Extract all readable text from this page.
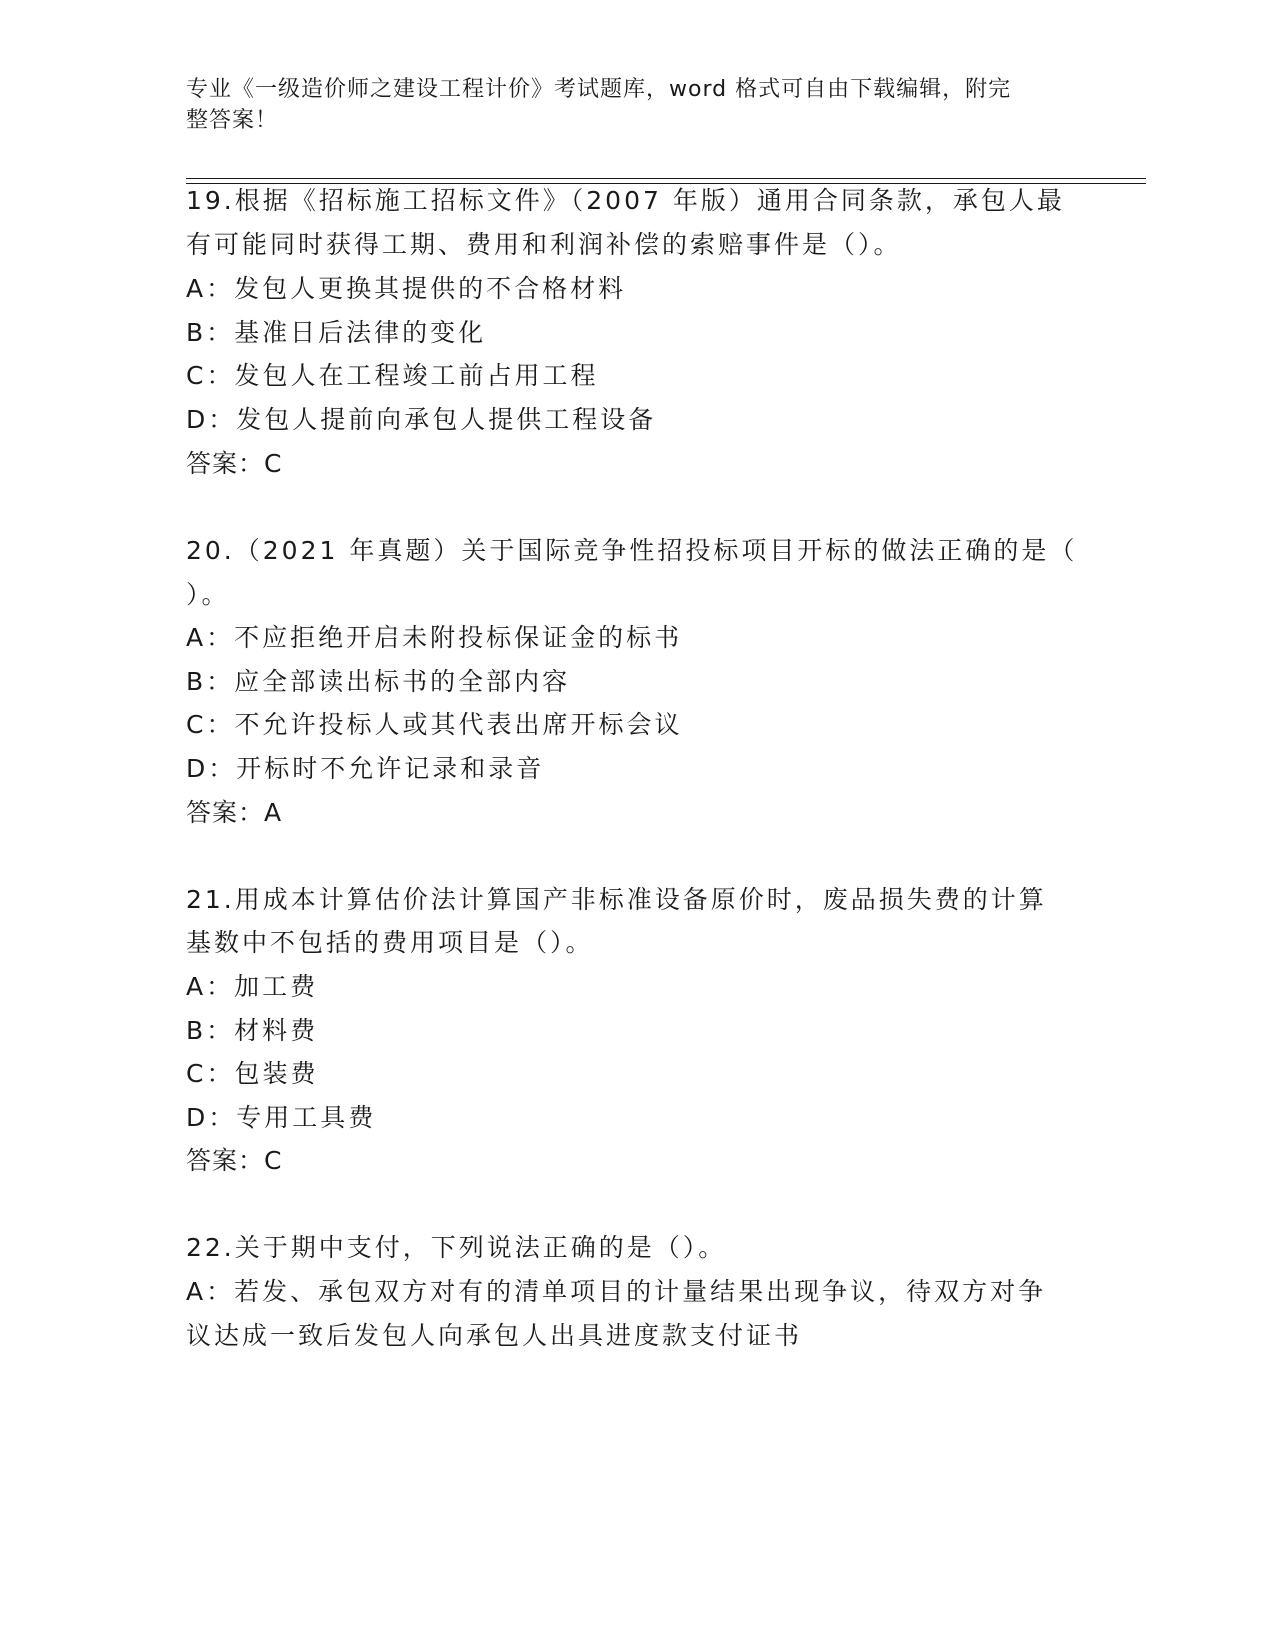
专业《一级造价师之建设工程计价》考试题库，word 格式可自由下载编辑，附完
整答案！
19.根据《招标施工招标文件》（2007 年版）通用合同条款，承包人最
有可能同时获得工期、费用和利润补偿的索赔事件是（）。
A：发包人更换其提供的不合格材料
B：基准日后法律的变化
C：发包人在工程竣工前占用工程
D：发包人提前向承包人提供工程设备
答案：C
20.（2021 年真题）关于国际竞争性招投标项目开标的做法正确的是（
）。
A：不应拒绝开启未附投标保证金的标书
B：应全部读出标书的全部内容
C：不允许投标人或其代表出席开标会议
D：开标时不允许记录和录音
答案：A
21.用成本计算估价法计算国产非标准设备原价时，废品损失费的计算
基数中不包括的费用项目是（）。
A：加工费
B：材料费
C：包装费
D：专用工具费
答案：C
22.关于期中支付，下列说法正确的是（）。
A：若发、承包双方对有的清单项目的计量结果出现争议，待双方对争
议达成一致后发包人向承包人出具进度款支付证书
